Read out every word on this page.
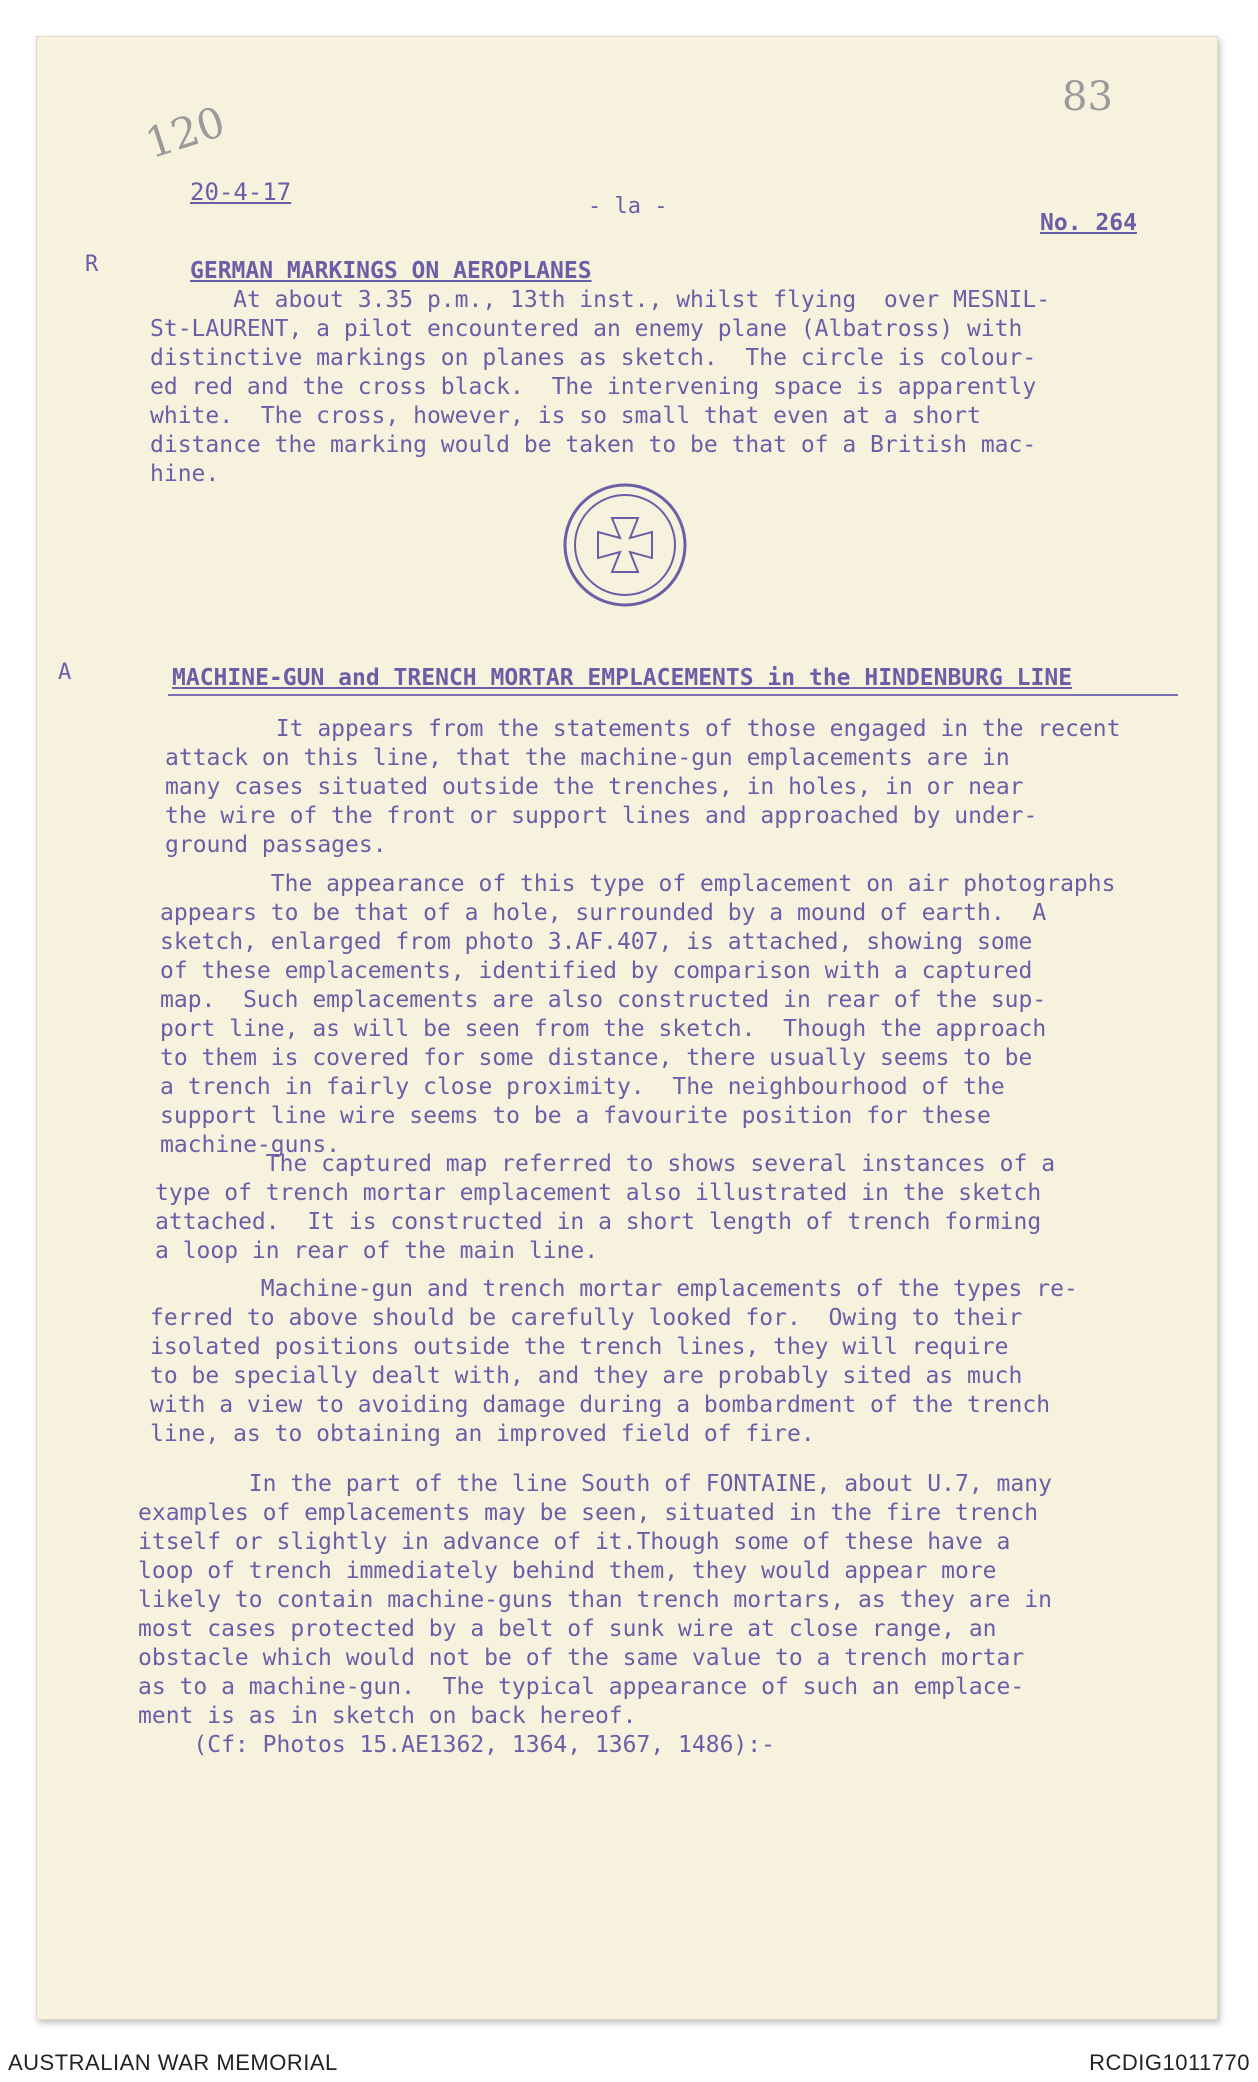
120	83
20-4-17
- la -
No. 264
R	GERMAN MARKINGS ON AEROPLANES

At about 3.35 p.m., 13th inst., whilst flying  over MESNIL-

St-LAURENT, a pilot encountered an enemy plane (Albatross) with

distinctive markings on planes as sketch.  The circle is colour-

ed red and the cross black.  The intervening space is apparently

white.  The cross, however, is so small that even at a short

distance the marking would be taken to be that of a British mac-

hine.

A	MACHINE-GUN and TRENCH MORTAR EMPLACEMENTS in the HINDENBURG LINE

It appears from the statements of those engaged in the recent

attack on this line, that the machine-gun emplacements are in

many cases situated outside the trenches, in holes, in or near

the wire of the front or support lines and approached by under-

ground passages.

The appearance of this type of emplacement on air photographs

appears to be that of a hole, surrounded by a mound of earth.  A

sketch, enlarged from photo 3.AF.407, is attached, showing some

of these emplacements, identified by comparison with a captured

map.  Such emplacements are also constructed in rear of the sup-

port line, as will be seen from the sketch.  Though the approach

to them is covered for some distance, there usually seems to be

a trench in fairly close proximity.  The neighbourhood of the

support line wire seems to be a favourite position for these

machine-guns.

The captured map referred to shows several instances of a

type of trench mortar emplacement also illustrated in the sketch

attached.  It is constructed in a short length of trench forming

a loop in rear of the main line.

Machine-gun and trench mortar emplacements of the types re-

ferred to above should be carefully looked for.  Owing to their

isolated positions outside the trench lines, they will require

to be specially dealt with, and they are probably sited as much

with a view to avoiding damage during a bombardment of the trench

line, as to obtaining an improved field of fire.

In the part of the line South of FONTAINE, about U.7, many

examples of emplacements may be seen, situated in the fire trench

itself or slightly in advance of it.Though some of these have a

loop of trench immediately behind them, they would appear more

likely to contain machine-guns than trench mortars, as they are in

most cases protected by a belt of sunk wire at close range, an

obstacle which would not be of the same value to a trench mortar

as to a machine-gun.  The typical appearance of such an emplace-

ment is as in sketch on back hereof.

(Cf: Photos 15.AE1362, 1364, 1367, 1486):-

AUSTRALIAN WAR MEMORIAL	RCDIG1011770
